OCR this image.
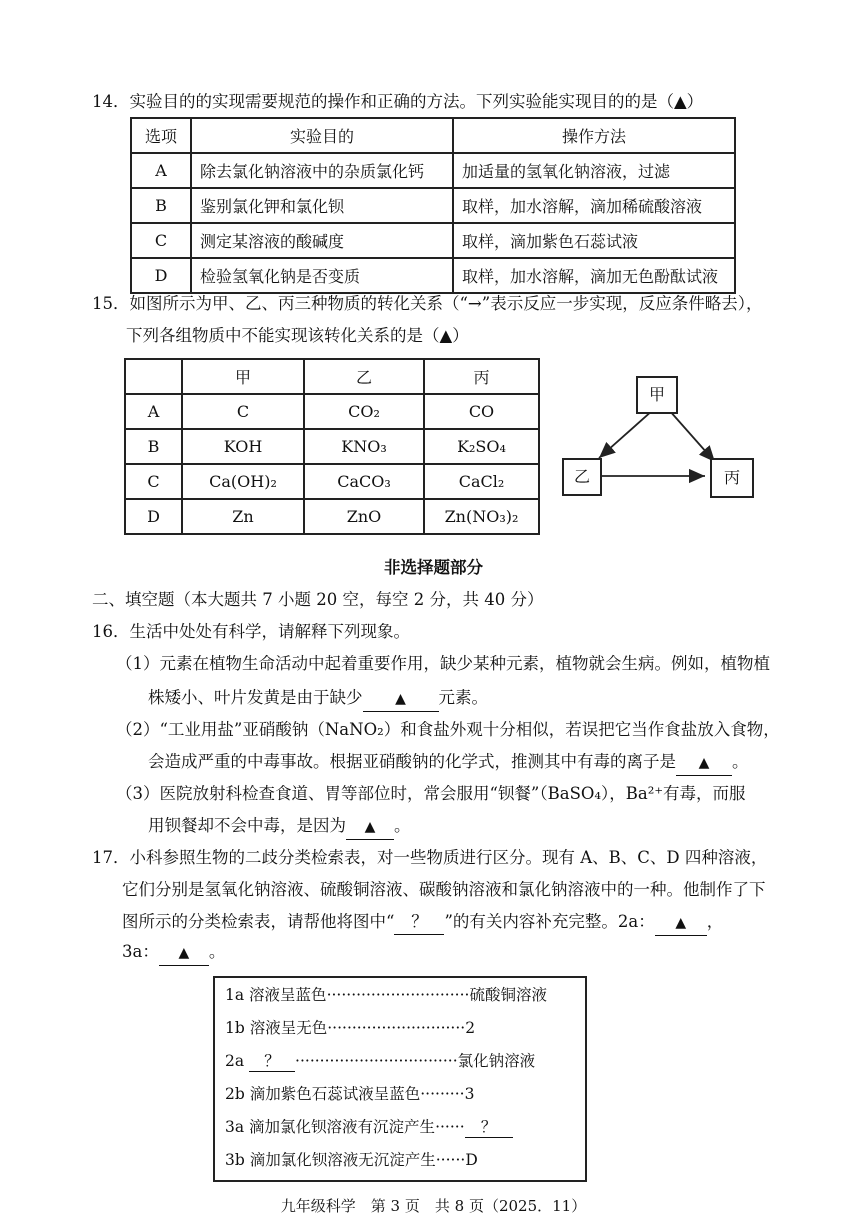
14．实验目的的实现需要规范的操作和正确的方法。下列实验能实现目的的是（▲）
选项	实验目的	操作方法
A	除去氯化钠溶液中的杂质氯化钙	加适量的氢氧化钠溶液，过滤
B	鉴别氯化钾和氯化钡	取样，加水溶解，滴加稀硫酸溶液
C	测定某溶液的酸碱度	取样，滴加紫色石蕊试液
D	检验氢氧化钠是否变质	取样，加水溶解，滴加无色酚酞试液
15．如图所示为甲、乙、丙三种物质的转化关系（“→”表示反应一步实现，反应条件略去），
下列各组物质中不能实现该转化关系的是（▲）
	甲	乙	丙
A	C	CO₂	CO
B	KOH	KNO₃	K₂SO₄
C	Ca(OH)₂	CaCO₃	CaCl₂
D	Zn	ZnO	Zn(NO₃)₂
甲
乙	丙
非选择题部分
二、填空题（本大题共 7 小题 20 空，每空 2 分，共 40 分）
16．生活中处处有科学，请解释下列现象。
（1）元素在植物生命活动中起着重要作用，缺少某种元素，植物就会生病。例如，植物植
株矮小、叶片发黄是由于缺少 ▲ 元素。
（2）“工业用盐”亚硝酸钠（NaNO₂）和食盐外观十分相似，若误把它当作食盐放入食物，
会造成严重的中毒事故。根据亚硝酸钠的化学式，推测其中有毒的离子是 ▲ 。
（3）医院放射科检查食道、胃等部位时，常会服用“钡餐”（BaSO₄），Ba²⁺有毒，而服
用钡餐却不会中毒，是因为 ▲ 。
17．小科参照生物的二歧分类检索表，对一些物质进行区分。现有 A、B、C、D 四种溶液，
它们分别是氢氧化钠溶液、硫酸铜溶液、碳酸钠溶液和氯化钠溶液中的一种。他制作了下
图所示的分类检索表，请帮他将图中“ ？ ”的有关内容补充完整。2a： ▲ ，
3a： ▲ 。
1a 溶液呈蓝色·····························硫酸铜溶液
1b 溶液呈无色····························2
2a ？ ·································氯化钠溶液
2b 滴加紫色石蕊试液呈蓝色·········3
3a 滴加氯化钡溶液有沉淀产生······ ？
3b 滴加氯化钡溶液无沉淀产生······D
九年级科学　第 3 页　共 8 页（2025．11）
